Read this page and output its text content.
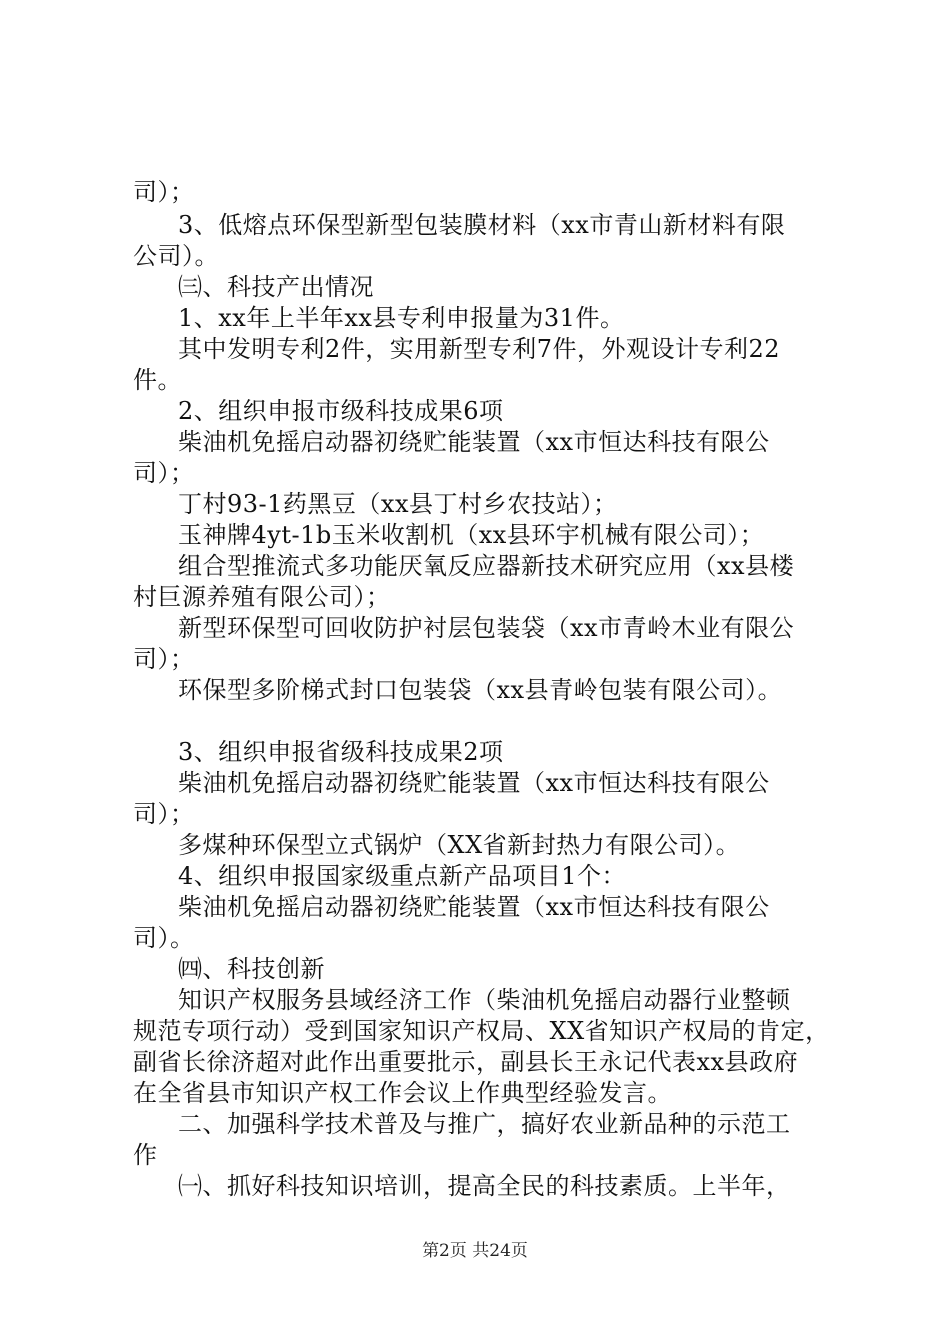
司）；
3、低熔点环保型新型包装膜材料（xx市青山新材料有限
公司）。
㈢、科技产出情况
1、xx年上半年xx县专利申报量为31件。
其中发明专利2件，实用新型专利7件，外观设计专利22
件。
2、组织申报市级科技成果6项
柴油机免摇启动器初绕贮能装置（xx市恒达科技有限公
司）；
丁村93-1药黑豆（xx县丁村乡农技站）；
玉神牌4yt-1b玉米收割机（xx县环宇机械有限公司）；
组合型推流式多功能厌氧反应器新技术研究应用（xx县楼
村巨源养殖有限公司）；
新型环保型可回收防护衬层包装袋（xx市青岭木业有限公
司）；
环保型多阶梯式封口包装袋（xx县青岭包装有限公司）。
3、组织申报省级科技成果2项
柴油机免摇启动器初绕贮能装置（xx市恒达科技有限公
司）；
多煤种环保型立式锅炉（XX省新封热力有限公司）。
4、组织申报国家级重点新产品项目1个：
柴油机免摇启动器初绕贮能装置（xx市恒达科技有限公
司）。
㈣、科技创新
知识产权服务县域经济工作（柴油机免摇启动器行业整顿
规范专项行动）受到国家知识产权局、XX省知识产权局的肯定，
副省长徐济超对此作出重要批示，副县长王永记代表xx县政府
在全省县市知识产权工作会议上作典型经验发言。
二、加强科学技术普及与推广，搞好农业新品种的示范工
作
㈠、抓好科技知识培训，提高全民的科技素质。上半年，
第2页 共24页
